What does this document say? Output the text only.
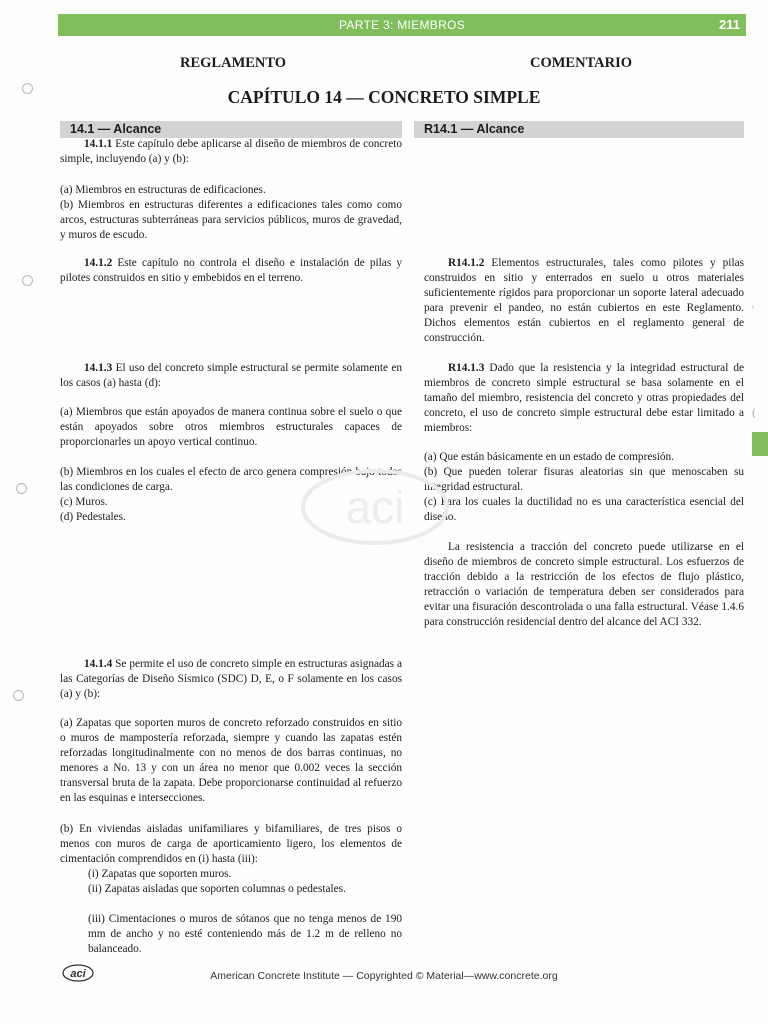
PARTE 3: MIEMBROS	211
REGLAMENTO	COMENTARIO
CAPÍTULO 14 — CONCRETO SIMPLE
14.1 — Alcance	R14.1 — Alcance

14.1.1 Este capítulo debe aplicarse al diseño de miembros de concreto simple, incluyendo (a) y (b):

(a) Miembros en estructuras de edificaciones.

(b) Miembros en estructuras diferentes a edificaciones tales como como arcos, estructuras subterráneas para servicios públicos, muros de gravedad, y muros de escudo.

14.1.2 Este capítulo no controla el diseño e instalación de pilas y pilotes construidos en sitio y embebidos en el terreno.

14.1.3 El uso del concreto simple estructural se permite solamente en los casos (a) hasta (d):

(a) Miembros que están apoyados de manera continua sobre el suelo o que están apoyados sobre otros miembros estructurales capaces de proporcionarles un apoyo vertical continuo.

(b) Miembros en los cuales el efecto de arco genera compresión bajo todas las condiciones de carga.

(c) Muros.

(d) Pedestales.

14.1.4 Se permite el uso de concreto simple en estructuras asignadas a las Categorías de Diseño Sísmico (SDC) D, E, o F solamente en los casos (a) y (b):

(a) Zapatas que soporten muros de concreto reforzado construidos en sitio o muros de mampostería reforzada, siempre y cuando las zapatas estén reforzadas longitudinalmente con no menos de dos barras continuas, no menores a No. 13 y con un área no menor que 0.002 veces la sección transversal bruta de la zapata. Debe proporcionarse continuidad al refuerzo en las esquinas e intersecciones.

(b) En viviendas aisladas unifamiliares y bifamiliares, de tres pisos o menos con muros de carga de aporticamiento ligero, los elementos de cimentación comprendidos en (i) hasta (iii):

(i) Zapatas que soporten muros.

(ii) Zapatas aisladas que soporten columnas o pedestales.

(iii) Cimentaciones o muros de sótanos que no tenga menos de 190 mm de ancho y no esté conteniendo más de 1.2 m de relleno no balanceado.

R14.1.2 Elementos estructurales, tales como pilotes y pilas construidos en sitio y enterrados en suelo u otros materiales suficientemente rígidos para proporcionar un soporte lateral adecuado para prevenir el pandeo, no están cubiertos en este Reglamento. Dichos elementos están cubiertos en el reglamento general de construcción.

R14.1.3 Dado que la resistencia y la integridad estructural de miembros de concreto simple estructural se basa solamente en el tamaño del miembro, resistencia del concreto y otras propiedades del concreto, el uso de concreto simple estructural debe estar limitado a miembros:

(a) Que están básicamente en un estado de compresión.

(b) Que pueden tolerar fisuras aleatorias sin que menoscaben su integridad estructural.

(c) Para los cuales la ductilidad no es una característica esencial del diseño.

La resistencia a tracción del concreto puede utilizarse en el diseño de miembros de concreto simple estructural. Los esfuerzos de tracción debido a la restricción de los efectos de flujo plástico, retracción o variación de temperatura deben ser considerados para evitar una fisuración descontrolada o una falla estructural. Véase 1.4.6 para construcción residencial dentro del alcance del ACI 332.

aci
'
(
aci	American Concrete Institute — Copyrighted © Material—www.concrete.org
